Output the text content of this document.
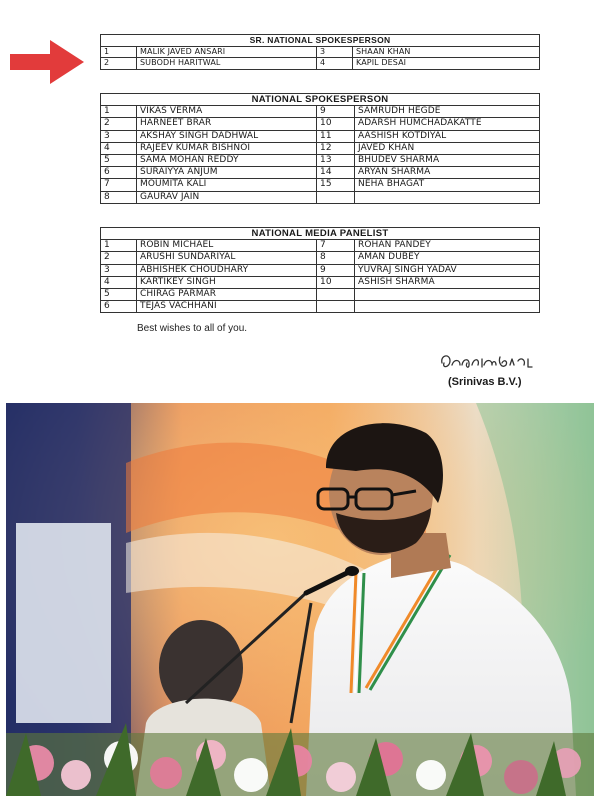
SR. NATIONAL SPOKESPERSON			
1	MALIK JAVED ANSARI	3	SHAAN KHAN
2	SUBODH HARITWAL	4	KAPIL DESAI
NATIONAL SPOKESPERSON			
1	VIKAS VERMA	9	SAMRUDH HEGDE
2	HARNEET BRAR	10	ADARSH HUMCHADAKATTE
3	AKSHAY SINGH DADHWAL	11	AASHISH KOTDIYAL
4	RAJEEV KUMAR BISHNOI	12	JAVED KHAN
5	SAMA MOHAN REDDY	13	BHUDEV SHARMA
6	SURAIYYA ANJUM	14	ARYAN SHARMA
7	MOUMITA KALI	15	NEHA BHAGAT
8	GAURAV JAIN		
NATIONAL MEDIA PANELIST			
1	ROBIN MICHAEL	7	ROHAN PANDEY
2	ARUSHI SUNDARIYAL	8	AMAN DUBEY
3	ABHISHEK CHOUDHARY	9	YUVRAJ SINGH YADAV
4	KARTIKEY SINGH	10	ASHISH SHARMA
5	CHIRAG PARMAR		
6	TEJAS VACHHANI		
Best wishes to all of you.
(Srinivas B.V.)
